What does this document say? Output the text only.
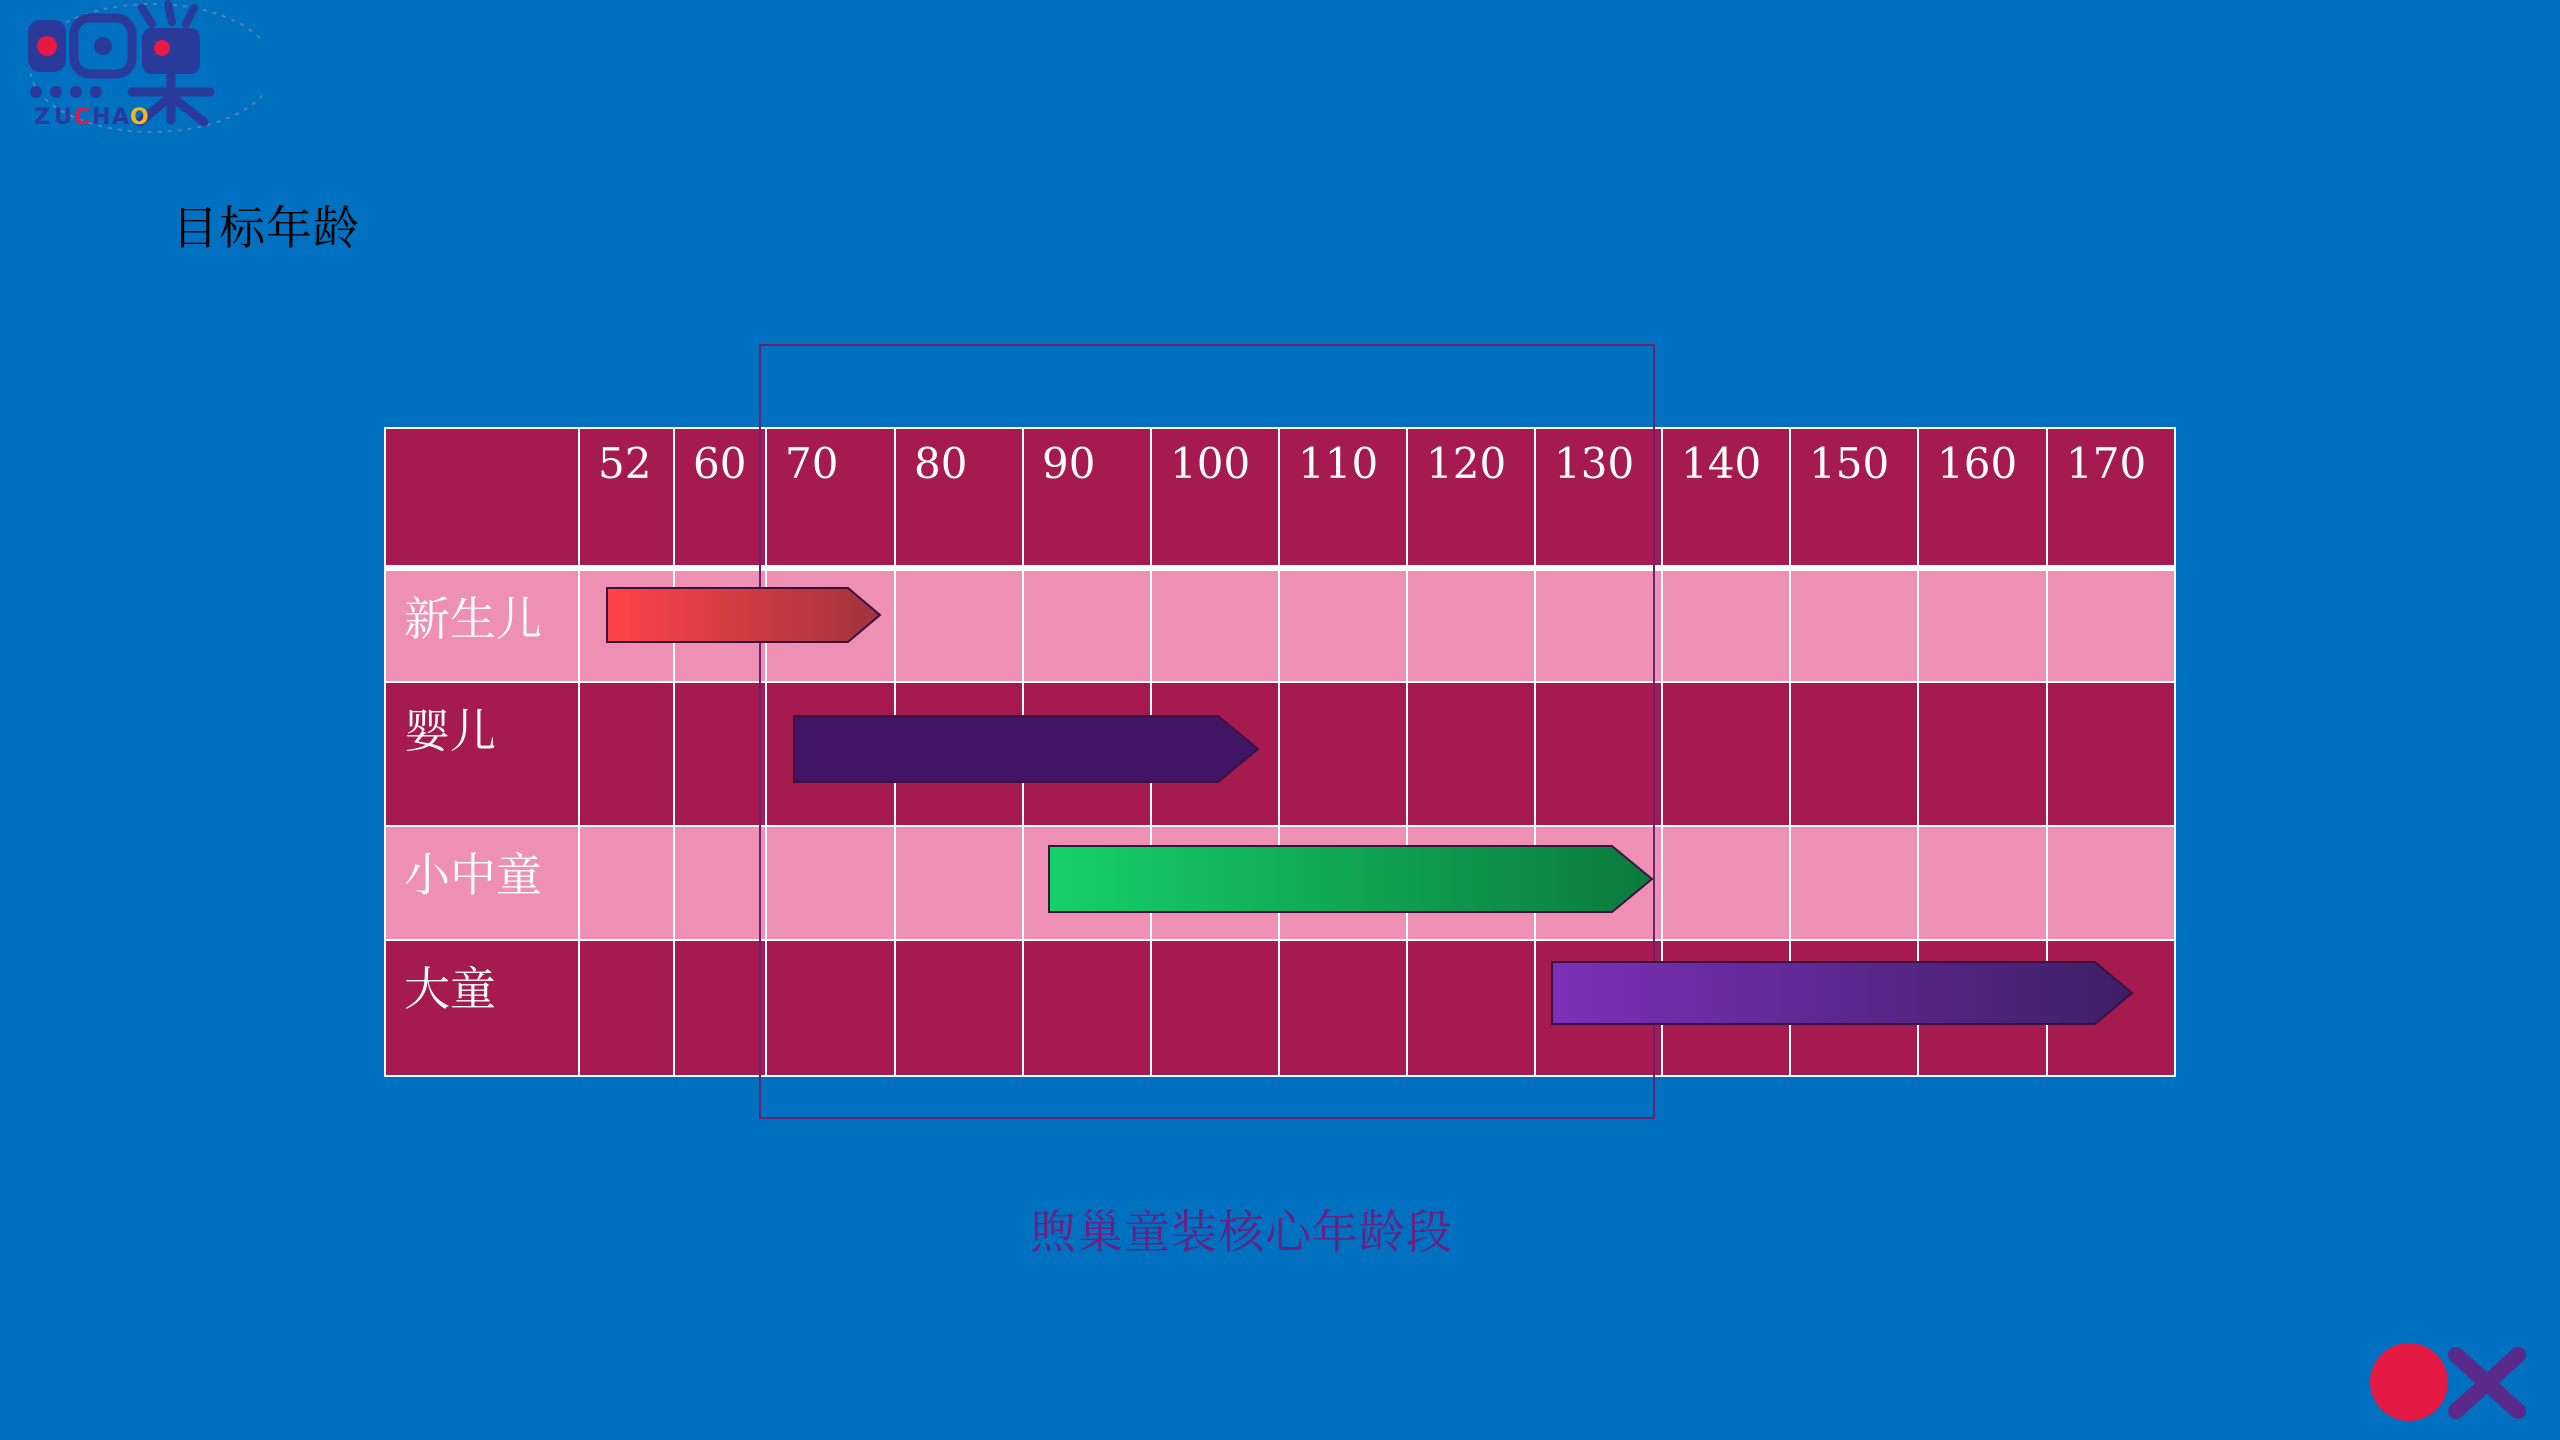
Z U C H A O
目标年龄
	52	60	70	80	90	100	110	120	130	140	150	160	170
新生儿													
婴儿													
小中童													
大童													
煦巢童装核心年龄段
